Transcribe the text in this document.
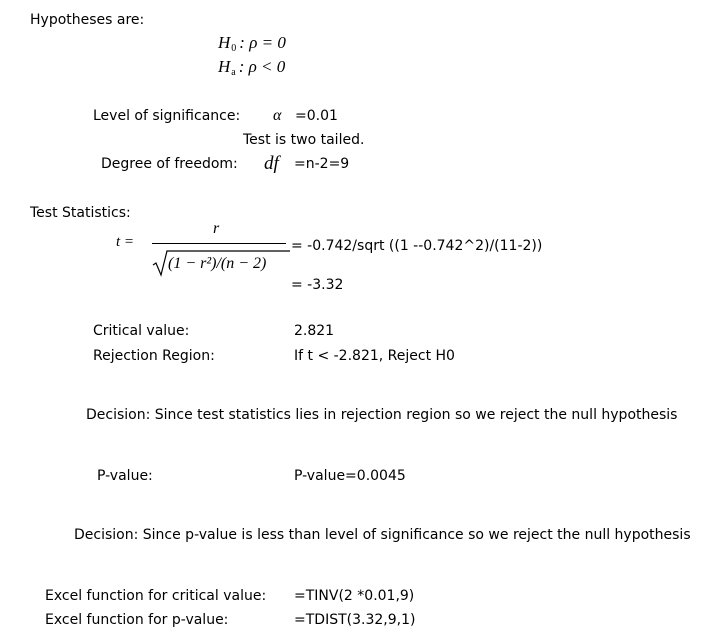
Hypotheses are:
$H_0$ : ρ = 0
$H_a$ : ρ < 0
Level of significance: α =0.01
Test is two tailed.
Degree of freedom: df =n-2=9
Test Statistics:
t =
r
(1 − r²)/(n − 2)
= -0.742/sqrt ((1 --0.742^2)/(11-2))
= -3.32
Critical value:	2.821
Rejection Region:	If t < -2.821, Reject H0
Decision: Since test statistics lies in rejection region so we reject the null hypothesis
P-value:	P-value=0.0045
Decision: Since p-value is less than level of significance so we reject the null hypothesis
Excel function for critical value: =TINV(2 *0.01,9)
Excel function for p-value:	=TDIST(3.32,9,1)
